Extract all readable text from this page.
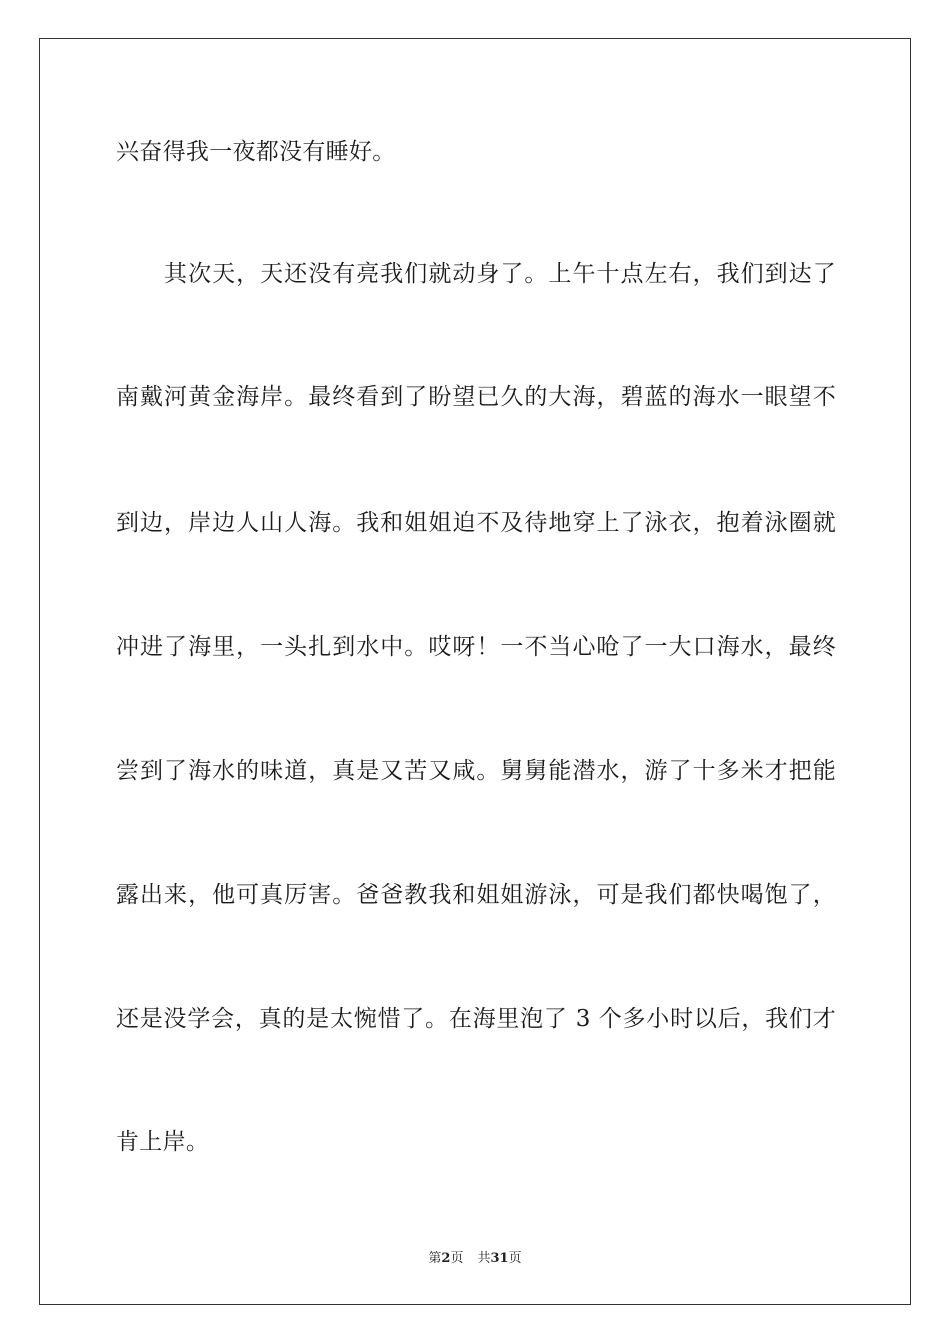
兴奋得我一夜都没有睡好。
　　其次天，天还没有亮我们就动身了。上午十点左右，我们到达了
南戴河黄金海岸。最终看到了盼望已久的大海，碧蓝的海水一眼望不
到边，岸边人山人海。我和姐姐迫不及待地穿上了泳衣，抱着泳圈就
冲进了海里，一头扎到水中。哎呀！一不当心呛了一大口海水，最终
尝到了海水的味道，真是又苦又咸。舅舅能潜水，游了十多米才把能
露出来，他可真厉害。爸爸教我和姐姐游泳，可是我们都快喝饱了，
还是没学会，真的是太惋惜了。在海里泡了 3 个多小时以后，我们才
肯上岸。
第2页 共31页
